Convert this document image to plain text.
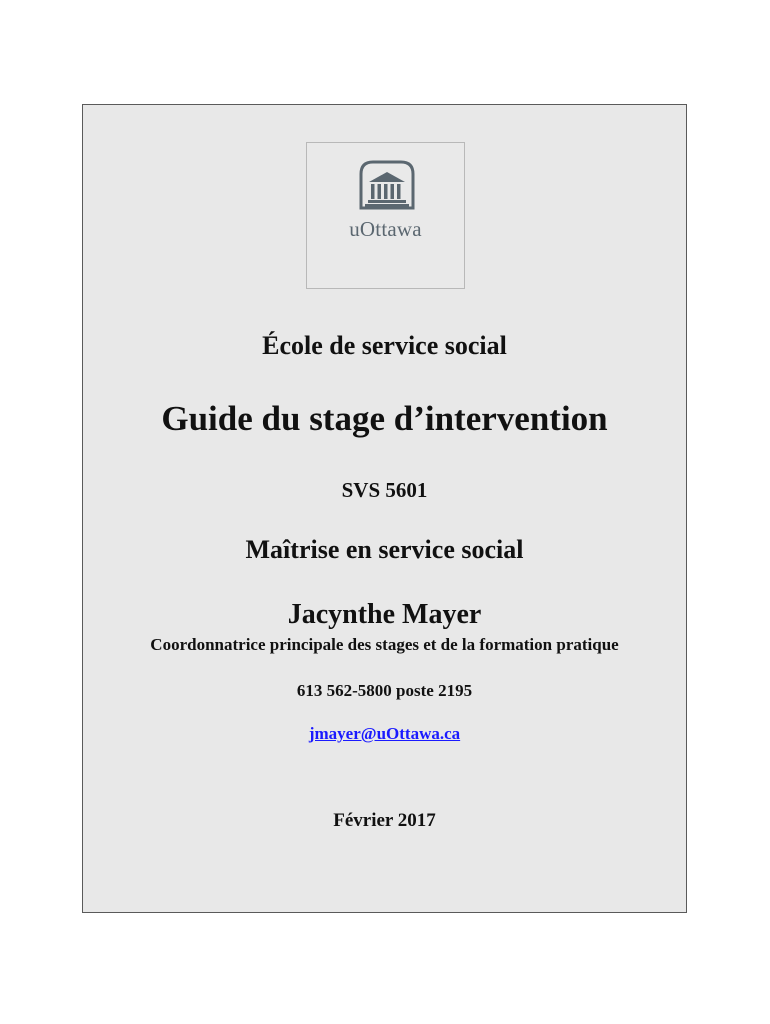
uOttawa
École de service social
Guide du stage d’intervention
SVS 5601
Maîtrise en service social
Jacynthe Mayer
Coordonnatrice principale des stages et de la formation pratique
613 562-5800 poste 2195
jmayer@uOttawa.ca
Février 2017
